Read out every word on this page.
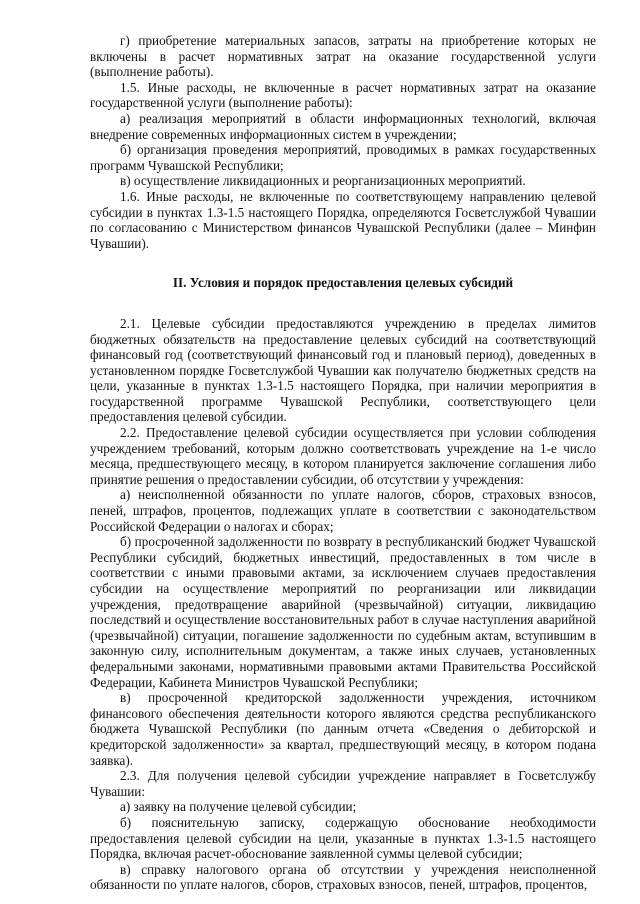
г) приобретение материальных запасов, затраты на приобретение которых не включены в расчет нормативных затрат на оказание государственной услуги (выполнение работы).

1.5. Иные расходы, не включенные в расчет нормативных затрат на оказание государственной услуги (выполнение работы):

а) реализация мероприятий в области информационных технологий, включая внедрение современных информационных систем в учреждении;

б) организация проведения мероприятий, проводимых в рамках государственных программ Чувашской Республики;

в) осуществление ликвидационных и реорганизационных мероприятий.

1.6. Иные расходы, не включенные по соответствующему направлению целевой субсидии в пунктах 1.3-1.5 настоящего Порядка, определяются Госветслужбой Чувашии по согласованию с Министерством финансов Чувашской Республики (далее – Минфин Чувашии).

II. Условия и порядок предоставления целевых субсидий

2.1. Целевые субсидии предоставляются учреждению в пределах лимитов бюджетных обязательств на предоставление целевых субсидий на соответствующий финансовый год (соответствующий финансовый год и плановый период), доведенных в установленном порядке Госветслужбой Чувашии как получателю бюджетных средств на цели, указанные в пунктах 1.3-1.5 настоящего Порядка, при наличии мероприятия в государственной программе Чувашской Республики, соответствующего цели предоставления целевой субсидии.

2.2. Предоставление целевой субсидии осуществляется при условии соблюдения учреждением требований, которым должно соответствовать учреждение на 1-е число месяца, предшествующего месяцу, в котором планируется заключение соглашения либо принятие решения о предоставлении субсидии, об отсутствии у учреждения:

а) неисполненной обязанности по уплате налогов, сборов, страховых взносов, пеней, штрафов, процентов, подлежащих уплате в соответствии с законодательством Российской Федерации о налогах и сборах;

б) просроченной задолженности по возврату в республиканский бюджет Чувашской Республики субсидий, бюджетных инвестиций, предоставленных в том числе в соответствии с иными правовыми актами, за исключением случаев предоставления субсидии на осуществление мероприятий по реорганизации или ликвидации учреждения, предотвращение аварийной (чрезвычайной) ситуации, ликвидацию последствий и осуществление восстановительных работ в случае наступления аварийной (чрезвычайной) ситуации, погашение задолженности по судебным актам, вступившим в законную силу, исполнительным документам, а также иных случаев, установленных федеральными законами, нормативными правовыми актами Правительства Российской Федерации, Кабинета Министров Чувашской Республики;

в) просроченной кредиторской задолженности учреждения, источником финансового обеспечения деятельности которого являются средства республиканского бюджета Чувашской Республики (по данным отчета «Сведения о дебиторской и кредиторской задолженности» за квартал, предшествующий месяцу, в котором подана заявка).

2.3. Для получения целевой субсидии учреждение направляет в Госветслужбу Чувашии:

а) заявку на получение целевой субсидии;

б) пояснительную записку, содержащую обоснование необходимости предоставления целевой субсидии на цели, указанные в пунктах 1.3-1.5 настоящего Порядка, включая расчет-обоснование заявленной суммы целевой субсидии;

в) справку налогового органа об отсутствии у учреждения неисполненной обязанности по уплате налогов, сборов, страховых взносов, пеней, штрафов, процентов,
